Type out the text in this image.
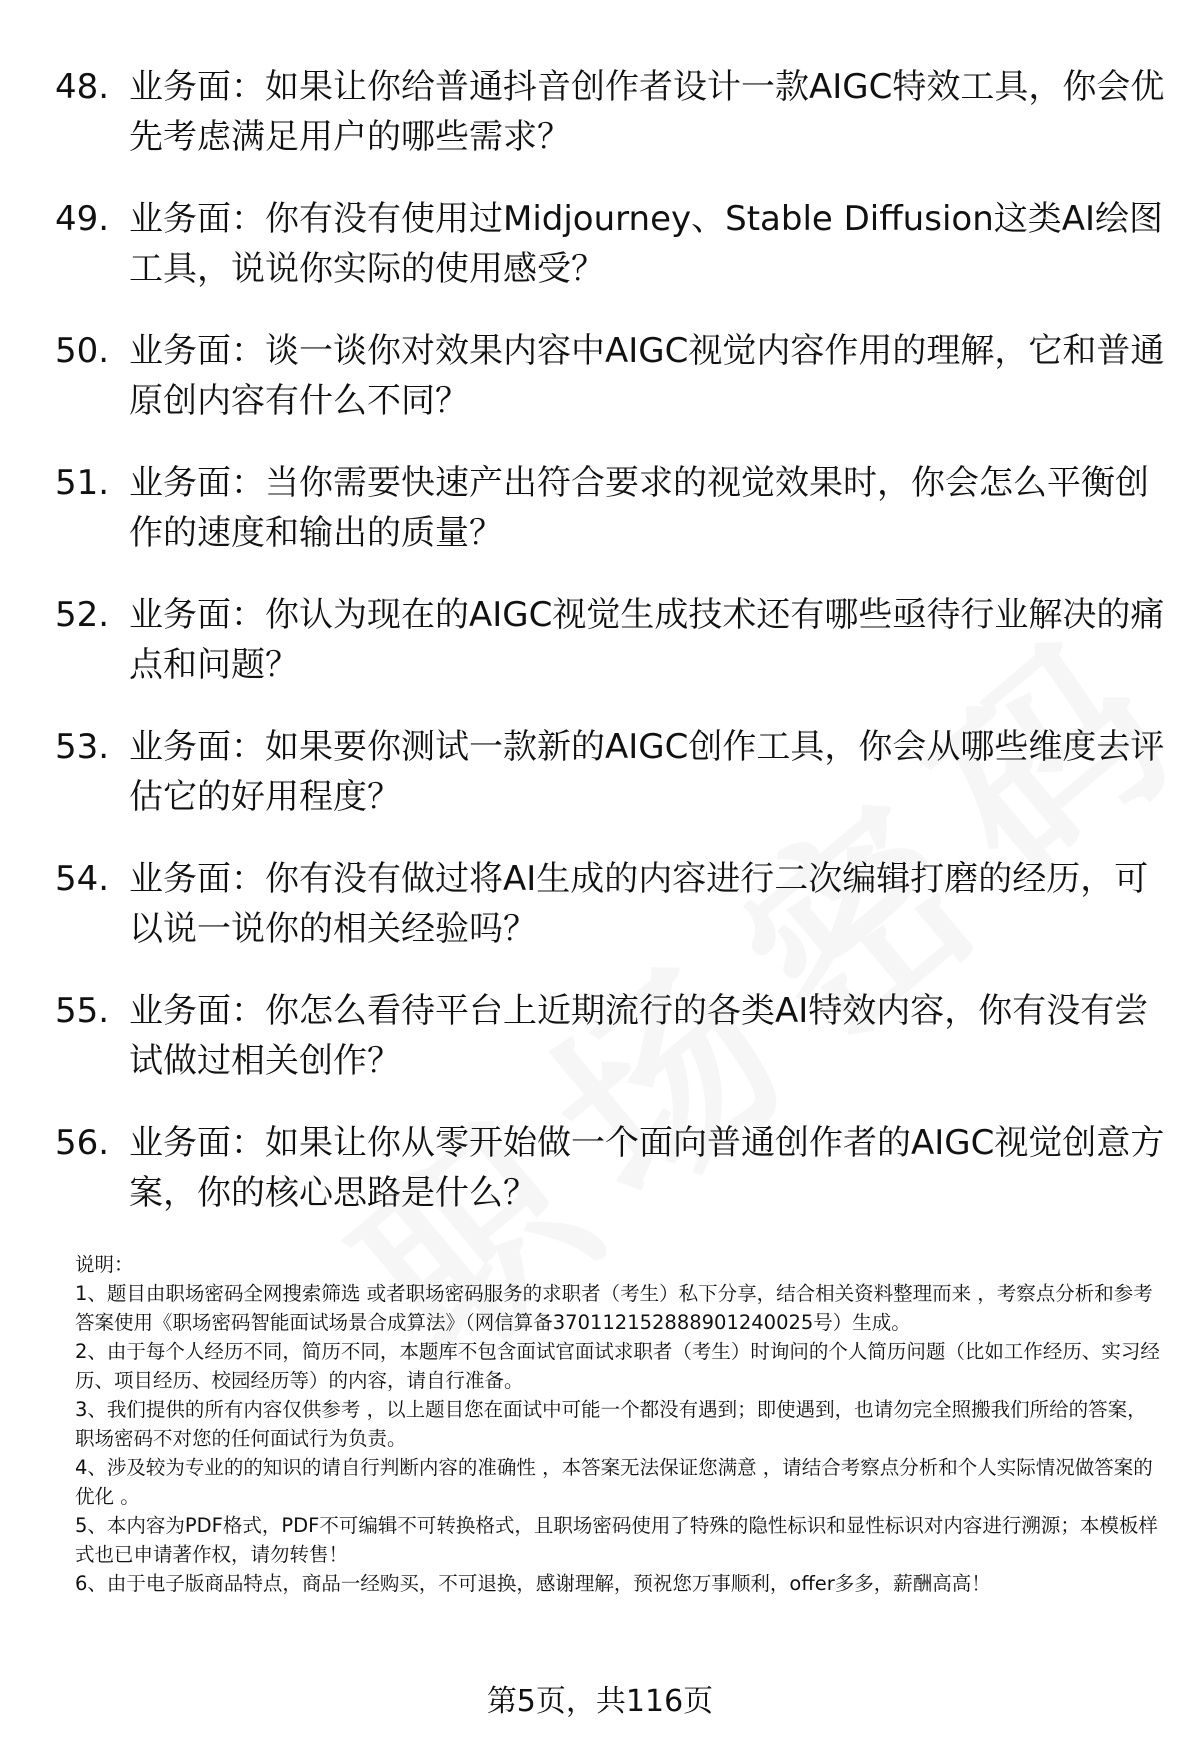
48. 业务面：如果让你给普通抖音创作者设计一款AIGC特效工具，你会优先考虑满足用户的哪些需求？
49. 业务面：你有没有使用过Midjourney、Stable Diffusion这类AI绘图工具，说说你实际的使用感受？
50. 业务面：谈一谈你对效果内容中AIGC视觉内容作用的理解，它和普通原创内容有什么不同？
51. 业务面：当你需要快速产出符合要求的视觉效果时，你会怎么平衡创作的速度和输出的质量？
52. 业务面：你认为现在的AIGC视觉生成技术还有哪些亟待行业解决的痛点和问题？
53. 业务面：如果要你测试一款新的AIGC创作工具，你会从哪些维度去评估它的好用程度？
54. 业务面：你有没有做过将AI生成的内容进行二次编辑打磨的经历，可以说一说你的相关经验吗？
55. 业务面：你怎么看待平台上近期流行的各类AI特效内容，你有没有尝试做过相关创作？
56. 业务面：如果让你从零开始做一个面向普通创作者的AIGC视觉创意方案，你的核心思路是什么？
说明：
1、题目由职场密码全网搜索筛选 或者职场密码服务的求职者（考生）私下分享，结合相关资料整理而来 ，考察点分析和参考答案使用《职场密码智能面试场景合成算法》（网信算备37011215288890124002​5号）生成。
2、由于每个人经历不同，简历不同，本题库不包含面试官面试求职者（考生）时询问的个人简历问题（比如工作经历、实习经历、项目经历、校园经历等）的内容，请自行准备。
3、我们提供的所有内容仅供参考 ，以上题目您在面试中可能一个都没有遇到；即使遇到，也请勿完全照搬我们所给的答案，职场密码不对您的任何面试行为负责。
4、涉及较为专业的的知识的请自行判断内容的准确性 ，本答案无法保证您满意 ，请结合考察点分析和个人实际情况做答案的优化 。
5、本内容为PDF格式，PDF不可编辑不可转换格式，且职场密码使用了特殊的隐性标识和显性标识对内容进行溯源；本模板样式也已申请著作权，请勿转售！
6、由于电子版商品特点，商品一经购买，不可退换，感谢理解，预祝您万事顺利，offer多多，薪酬高高！
第5页，共116页
